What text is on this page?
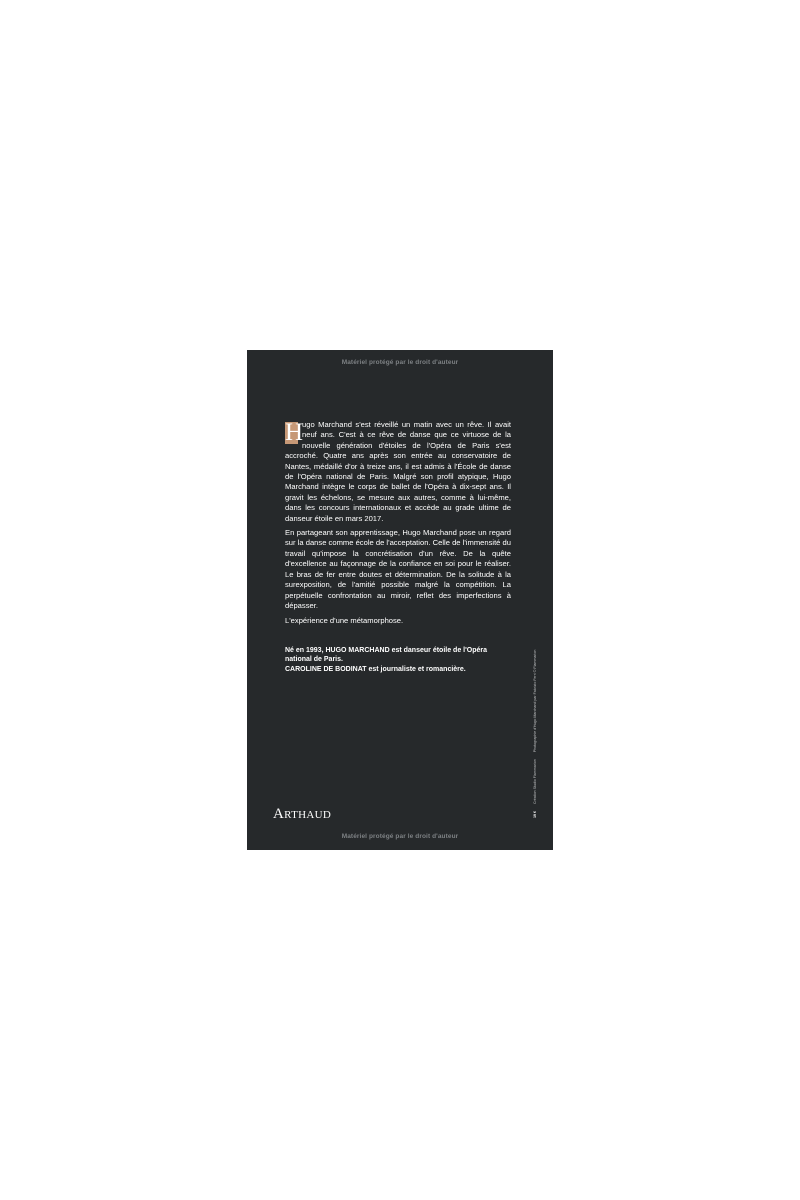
Matériel protégé par le droit d'auteur

H
ugo Marchand s'est réveillé un matin avec un rêve. Il avait neuf ans. C'est à ce rêve de danse que ce virtuose de la nouvelle génération d'étoiles de l'Opéra de Paris s'est accroché. Quatre ans après son entrée au conservatoire de Nantes, médaillé d'or à treize ans, il est admis à l'École de danse de l'Opéra national de Paris. Malgré son profil atypique, Hugo Marchand intègre le corps de ballet de l'Opéra à dix-sept ans. Il gravit les échelons, se mesure aux autres, comme à lui-même, dans les concours internationaux et accède au grade ultime de danseur étoile en mars 2017.

En partageant son apprentissage, Hugo Marchand pose un regard sur la danse comme école de l'acceptation. Celle de l'immensité du travail qu'impose la concrétisation d'un rêve. De la quête d'excellence au façonnage de la confiance en soi pour le réaliser. Le bras de fer entre doutes et détermination. De la solitude à la surexposition, de l'amitié possible malgré la compétition. La perpétuelle confrontation au miroir, reflet des imperfections à dépasser.

L'expérience d'une métamorphose.

Né en 1993, HUGO MARCHAND est danseur étoile de l'Opéra national de Paris.

CAROLINE DE BODINAT est journaliste et romancière.

ARTHAUD	19 € Création Studio Flammarion Photographie d'Hugo Marchand par Fabrizio Ferri © Flammarion
Matériel protégé par le droit d'auteur
